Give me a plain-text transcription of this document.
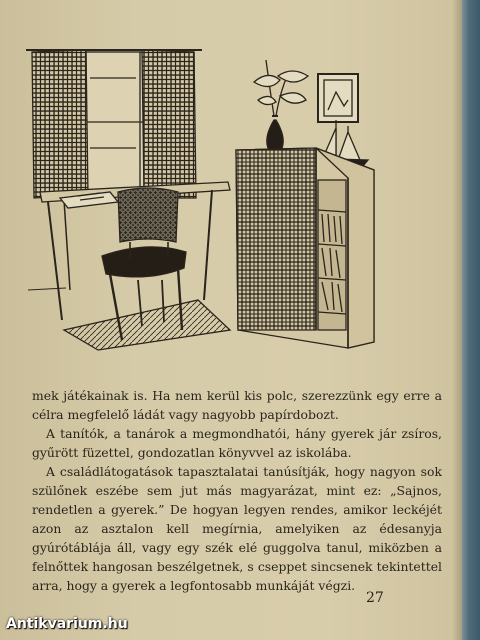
mek játékainak is. Ha nem kerül kis polc, szerezzünk egy erre a célra megfelelő ládát vagy nagyobb papírdobozt.

A tanítók, a tanárok a megmondhatói, hány gyerek jár zsíros, gyűrött füzettel, gondozatlan könyvvel az iskolába.

A családlátogatások tapasztalatai tanúsítják, hogy nagyon sok szülőnek eszébe sem jut más magyarázat, mint ez: „Sajnos, rendetlen a gyerek.” De hogyan legyen rendes, amikor leckéjét azon az asztalon kell megírnia, amelyiken az édesanyja gyúrótáblája áll, vagy egy szék elé guggolva tanul, miközben a felnőttek hangosan beszélgetnek, s cseppet sincsenek tekintettel arra, hogy a gyerek a legfontosabb munkáját végzi.

27
Antikvarium.hu
